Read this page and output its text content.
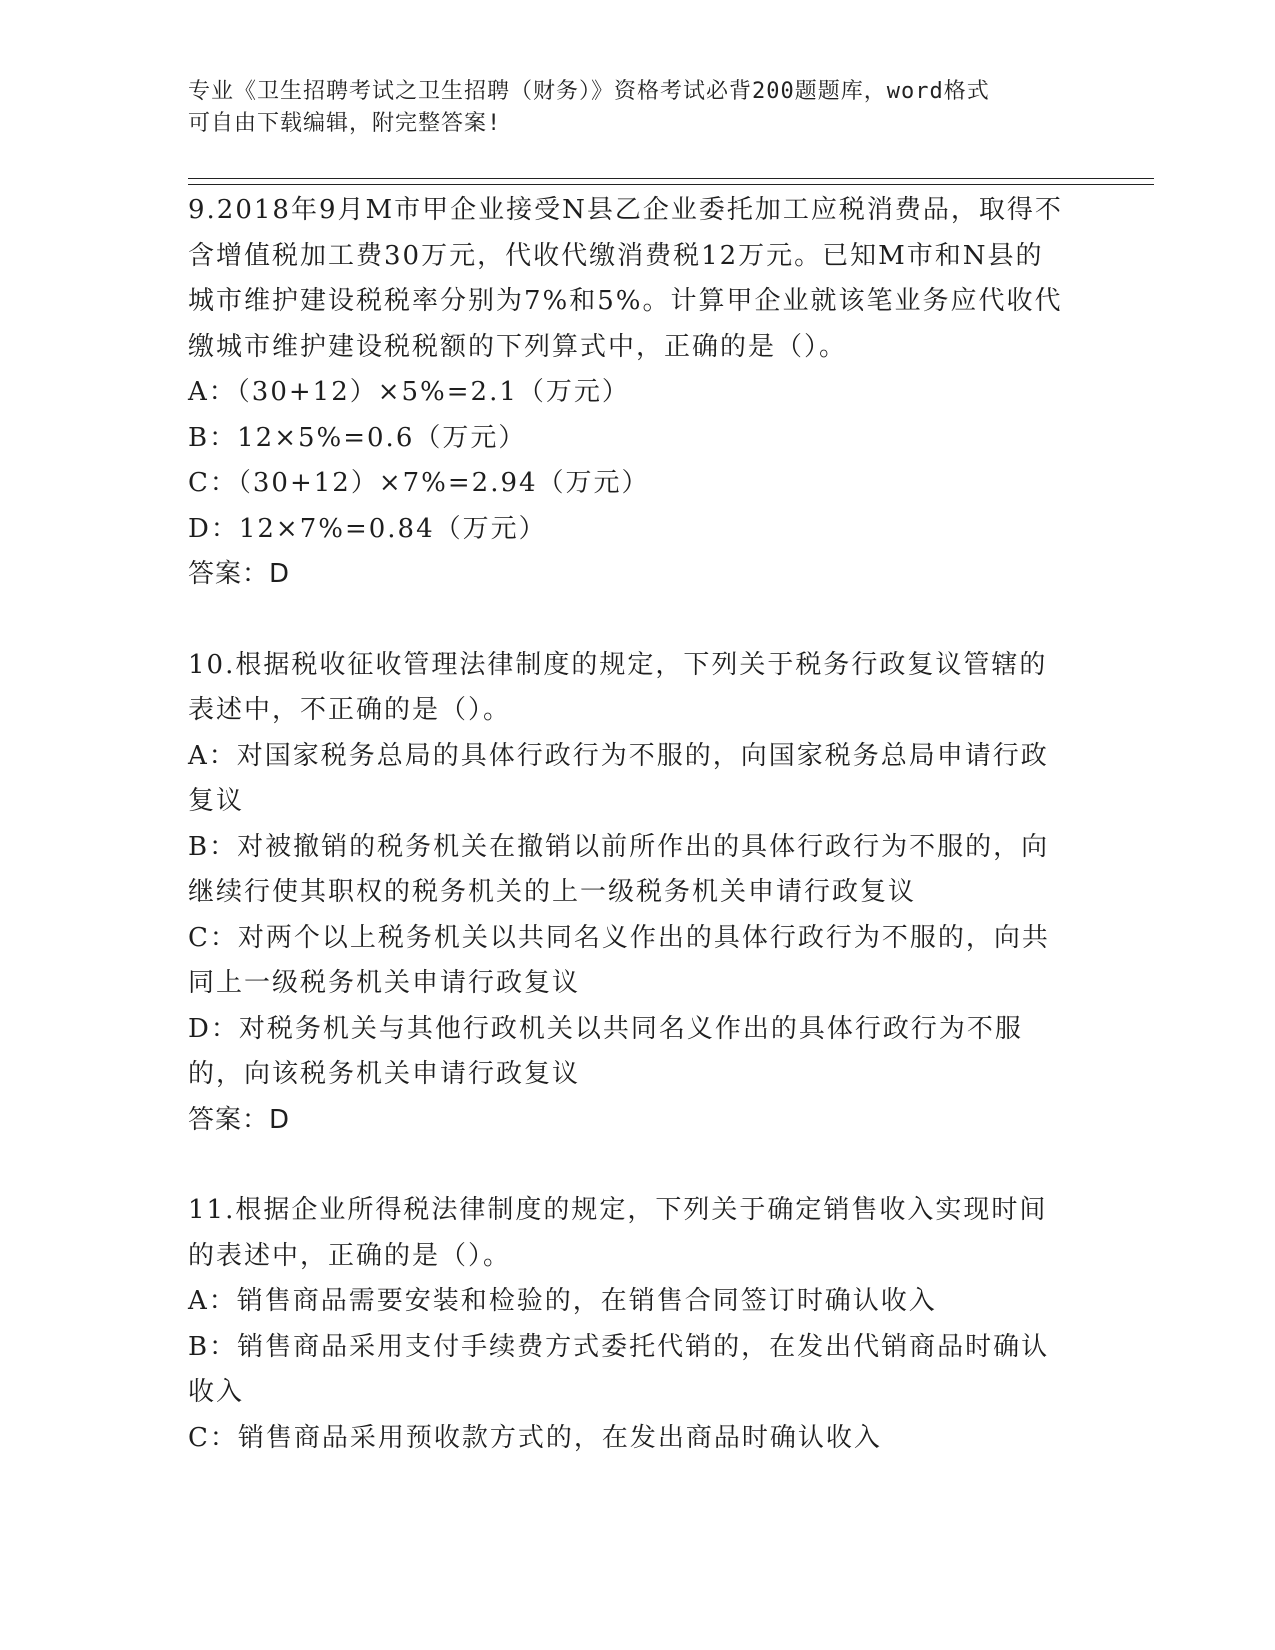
专业《卫生招聘考试之卫生招聘（财务）》资格考试必背200题题库，word格式
可自由下载编辑，附完整答案!

9.2018年9月M市甲企业接受N县乙企业委托加工应税消费品，取得不含增值税加工费30万元，代收代缴消费税12万元。已知M市和N县的城市维护建设税税率分别为7%和5%。计算甲企业就该笔业务应代收代缴城市维护建设税税额的下列算式中，正确的是（）。

A：（30+12）×5%=2.1（万元）

B：12×5%=0.6（万元）

C：（30+12）×7%=2.94（万元）

D：12×7%=0.84（万元）

答案：D

10.根据税收征收管理法律制度的规定，下列关于税务行政复议管辖的表述中，不正确的是（）。

A：对国家税务总局的具体行政行为不服的，向国家税务总局申请行政复议

B：对被撤销的税务机关在撤销以前所作出的具体行政行为不服的，向继续行使其职权的税务机关的上一级税务机关申请行政复议

C：对两个以上税务机关以共同名义作出的具体行政行为不服的，向共同上一级税务机关申请行政复议

D：对税务机关与其他行政机关以共同名义作出的具体行政行为不服的，向该税务机关申请行政复议

答案：D

11.根据企业所得税法律制度的规定，下列关于确定销售收入实现时间的表述中，正确的是（）。

A：销售商品需要安装和检验的，在销售合同签订时确认收入

B：销售商品采用支付手续费方式委托代销的，在发出代销商品时确认收入

C：销售商品采用预收款方式的，在发出商品时确认收入
